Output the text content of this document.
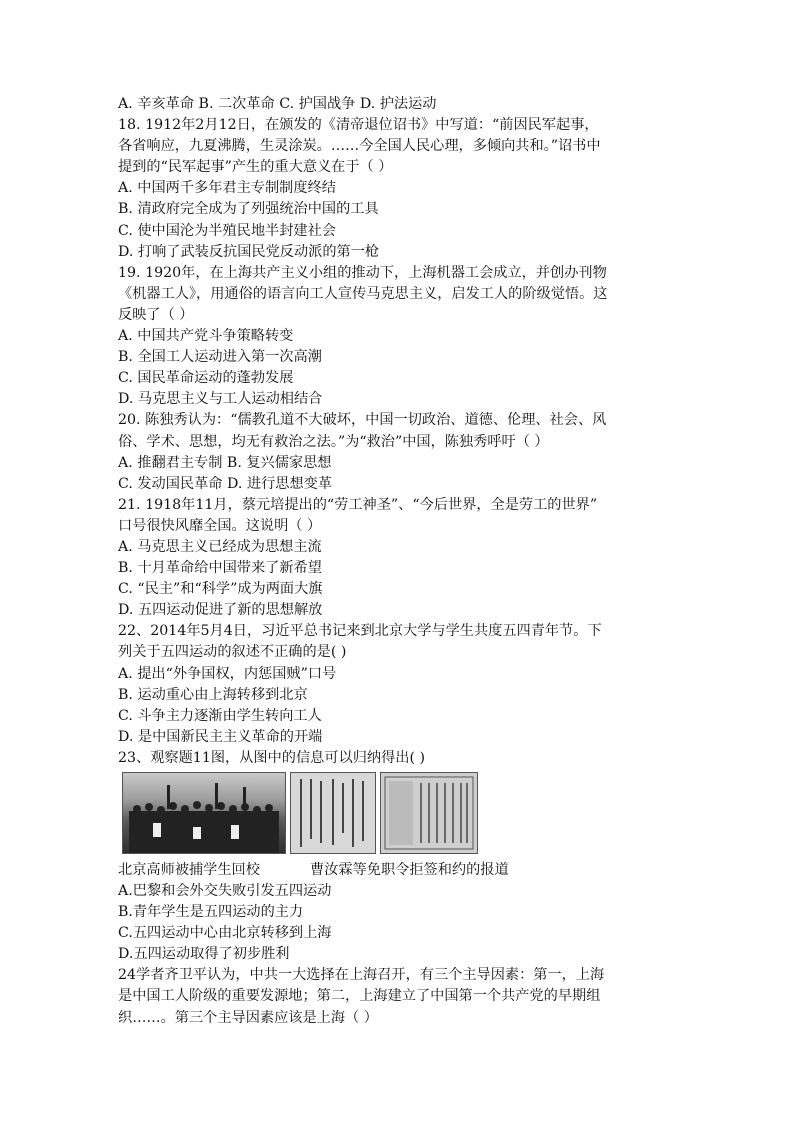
A. 辛亥革命 B. 二次革命 C. 护国战争 D. 护法运动
18. 1912年2月12日，在颁发的《清帝退位诏书》中写道：“前因民军起事，
各省响应，九夏沸腾，生灵涂炭。……今全国人民心理，多倾向共和。”诏书中
提到的“民军起事”产生的重大意义在于（ ）
A. 中国两千多年君主专制制度终结
B. 清政府完全成为了列强统治中国的工具
C. 使中国沦为半殖民地半封建社会
D. 打响了武装反抗国民党反动派的第一枪
19. 1920年，在上海共产主义小组的推动下，上海机器工会成立，并创办刊物
《机器工人》，用通俗的语言向工人宣传马克思主义，启发工人的阶级觉悟。这
反映了（ ）
A. 中国共产党斗争策略转变
B. 全国工人运动进入第一次高潮
C. 国民革命运动的蓬勃发展
D. 马克思主义与工人运动相结合
20. 陈独秀认为：“儒教孔道不大破坏，中国一切政治、道德、伦理、社会、风
俗、学术、思想，均无有救治之法。”为“救治”中国，陈独秀呼吁（ ）
A. 推翻君主专制 B. 复兴儒家思想
C. 发动国民革命 D. 进行思想变革
21. 1918年11月，蔡元培提出的“劳工神圣”、“今后世界，全是劳工的世界”
口号很快风靡全国。这说明（ ）
A. 马克思主义已经成为思想主流
B. 十月革命给中国带来了新希望
C. “民主”和“科学”成为两面大旗
D. 五四运动促进了新的思想解放
22、2014年5月4日，习近平总书记来到北京大学与学生共度五四青年节。下
列关于五四运动的叙述不正确的是( )
A. 提出“外争国权，内惩国贼”口号
B. 运动重心由上海转移到北京
C. 斗争主力逐渐由学生转向工人
D. 是中国新民主主义革命的开端
23、观察题11图，从图中的信息可以归纳得出( )
北京高师被捕学生回校	曹汝霖等免职令拒签和约的报道
A.巴黎和会外交失败引发五四运动
B.青年学生是五四运动的主力
C.五四运动中心由北京转移到上海
D.五四运动取得了初步胜利
24学者齐卫平认为，中共一大选择在上海召开，有三个主导因素：第一，上海
是中国工人阶级的重要发源地；第二，上海建立了中国第一个共产党的早期组
织……。第三个主导因素应该是上海（ ）
